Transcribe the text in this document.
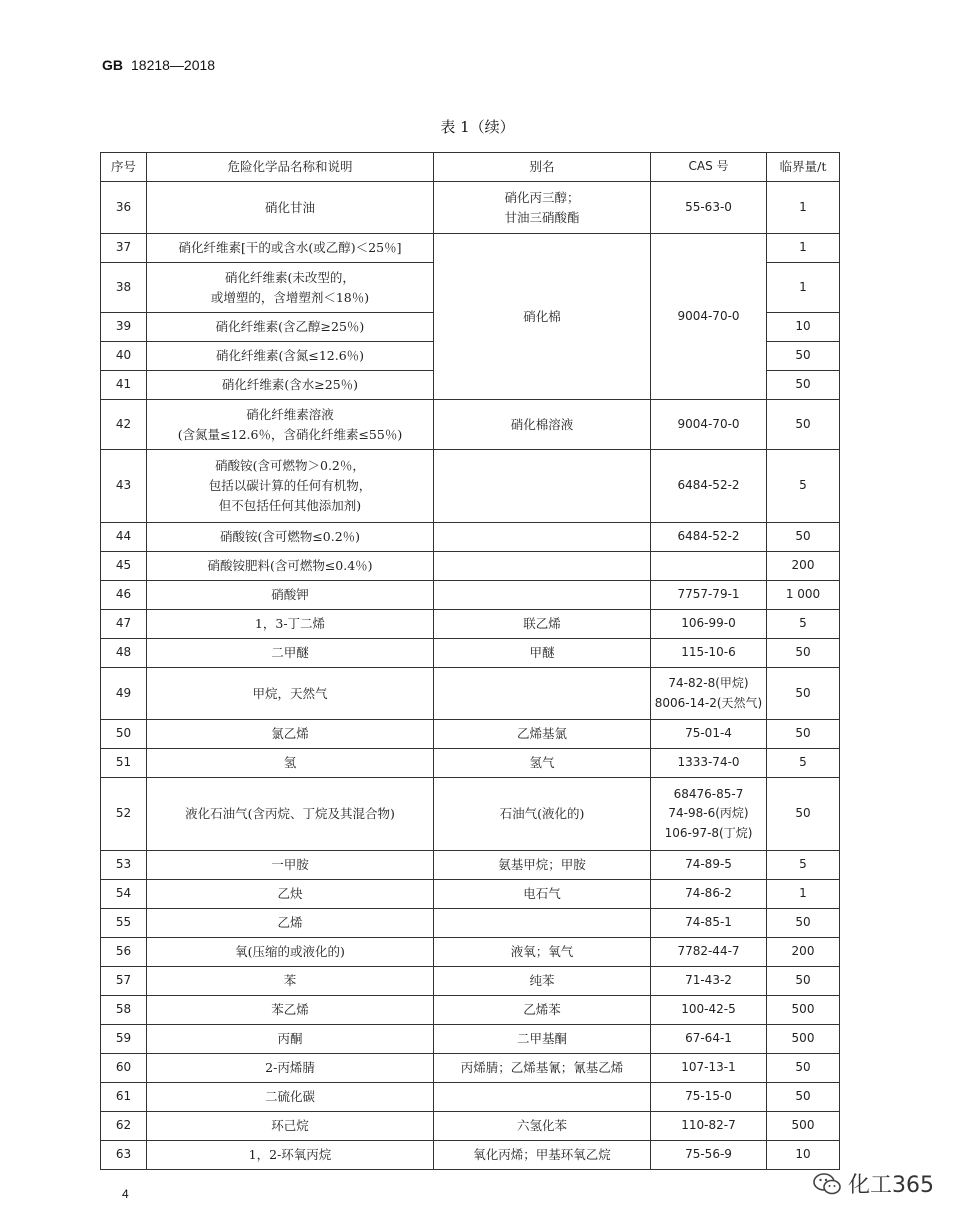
GB 18218—2018
表 1（续）
序号	危险化学品名称和说明	别名	CAS 号	临界量/t
36	硝化甘油	硝化丙三醇；
甘油三硝酸酯	55-63-0	1
37	硝化纤维素[干的或含水(或乙醇)＜25％]	硝化棉	9004-70-0	1
38	硝化纤维素(未改型的，
或增塑的，含增塑剂＜18％)			1
39	硝化纤维素(含乙醇≥25％)			10
40	硝化纤维素(含氮≤12.6％)			50
41	硝化纤维素(含水≥25％)			50
42	硝化纤维素溶液
(含氮量≤12.6％，含硝化纤维素≤55％)	硝化棉溶液	9004-70-0	50
43	硝酸铵(含可燃物＞0.2％，
包括以碳计算的任何有机物，
但不包括任何其他添加剂)		6484-52-2	5
44	硝酸铵(含可燃物≤0.2％)		6484-52-2	50
45	硝酸铵肥料(含可燃物≤0.4％)			200
46	硝酸钾		7757-79-1	1 000
47	1，3-丁二烯	联乙烯	106-99-0	5
48	二甲醚	甲醚	115-10-6	50
49	甲烷，天然气		74-82-8(甲烷)
8006-14-2(天然气)	50
50	氯乙烯	乙烯基氯	75-01-4	50
51	氢	氢气	1333-74-0	5
52	液化石油气(含丙烷、丁烷及其混合物)	石油气(液化的)	68476-85-7
74-98-6(丙烷)
106-97-8(丁烷)	50
53	一甲胺	氨基甲烷；甲胺	74-89-5	5
54	乙炔	电石气	74-86-2	1
55	乙烯		74-85-1	50
56	氧(压缩的或液化的)	液氧；氧气	7782-44-7	200
57	苯	纯苯	71-43-2	50
58	苯乙烯	乙烯苯	100-42-5	500
59	丙酮	二甲基酮	67-64-1	500
60	2-丙烯腈	丙烯腈；乙烯基氰；氰基乙烯	107-13-1	50
61	二硫化碳		75-15-0	50
62	环己烷	六氢化苯	110-82-7	500
63	1，2-环氧丙烷	氧化丙烯；甲基环氧乙烷	75-56-9	10
4	化工365
